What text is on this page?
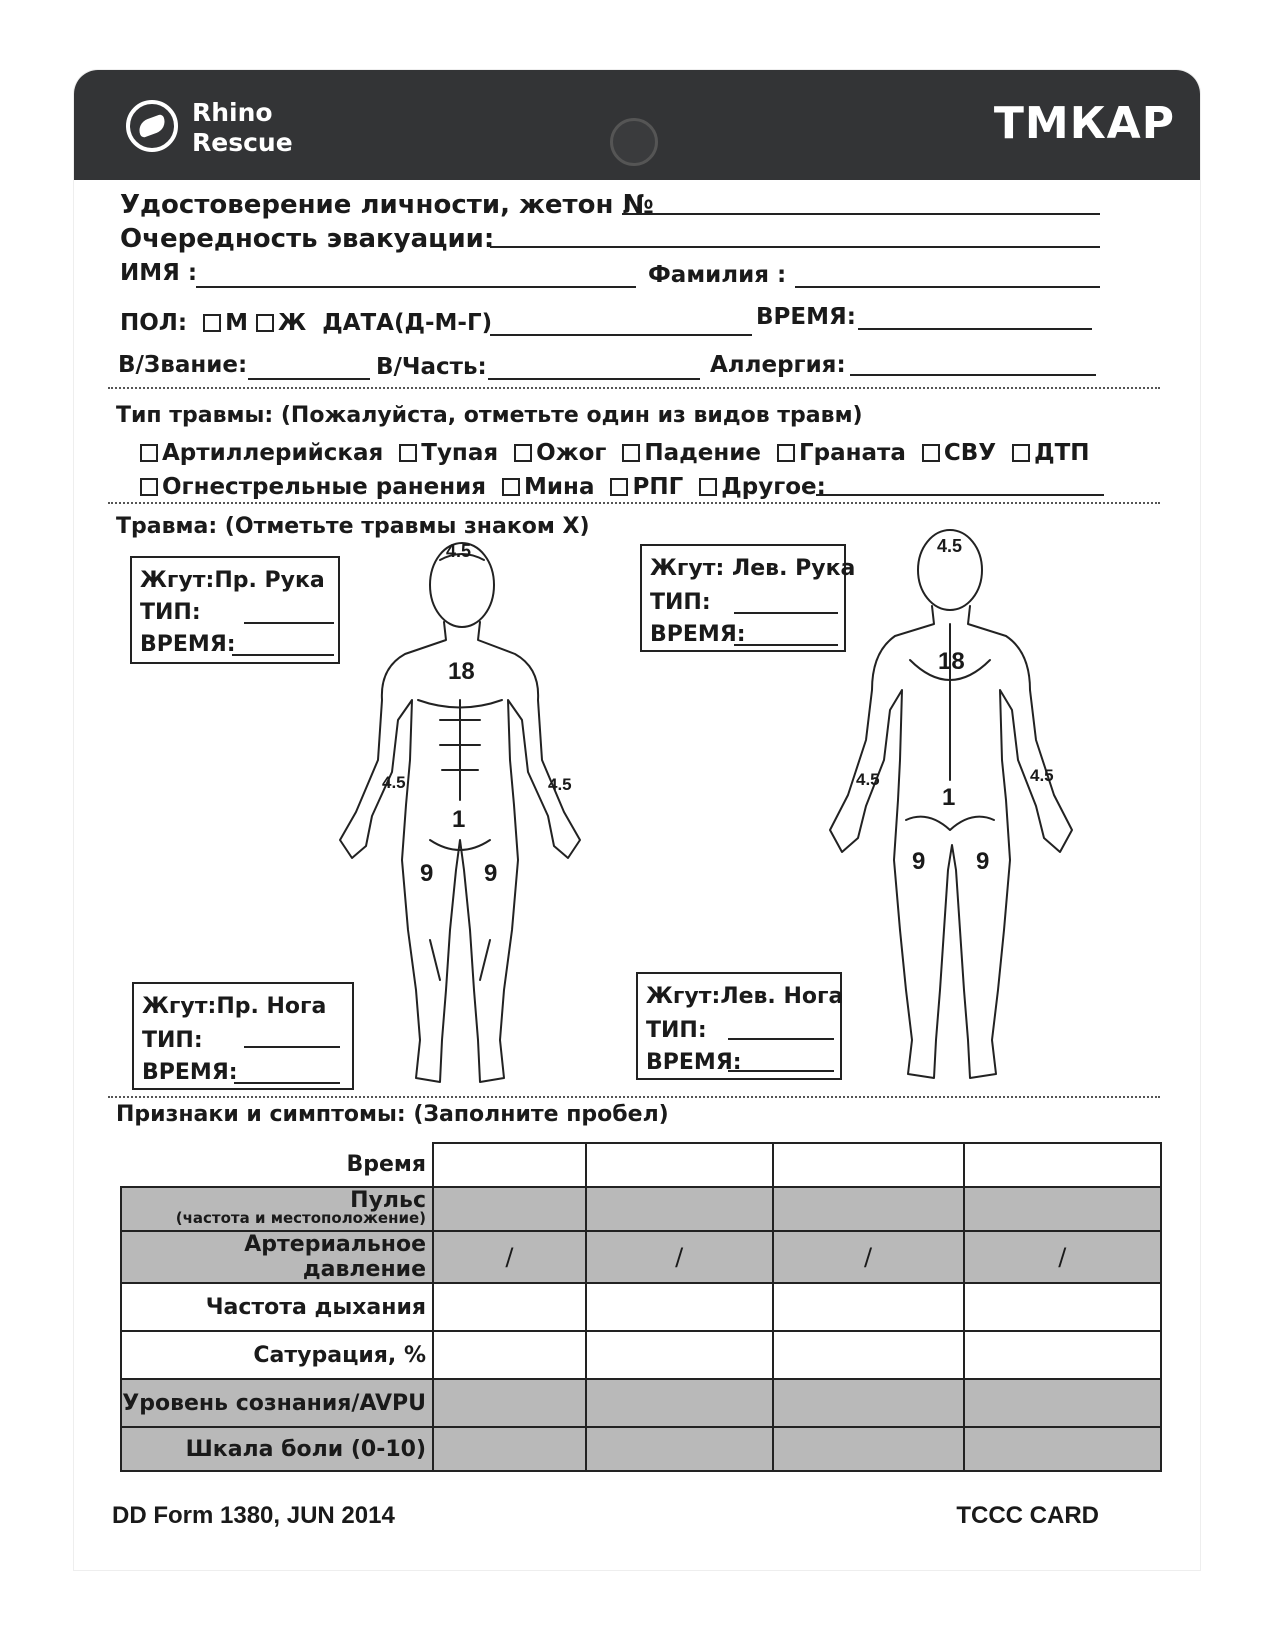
Rhino
Rescue	ТМКАР
Удостоверение личности, жетон №
Очередность эвакуации:
ИМЯ :	Фамилия :
ПОЛ: М Ж ДАТА(Д-М-Г)	ВРЕМЯ:
В/Звание:	В/Часть:	Аллергия:
Тип травмы: (Пожалуйста, отметьте один из видов травм)
Артиллерийская Тупая Ожог Падение Граната СВУ ДТП
Огнестрельные ранения Мина РПГ Другое:
Травма: (Отметьте травмы знаком X)
4.5
18
4.5	4.5
1
9 9
4.5
18
4.5	4.5
1
9 9
Жгут:Пр. Рука
ТИП:
ВРЕМЯ:
Жгут: Лев. Рука
ТИП:
ВРЕМЯ:
Жгут:Пр. Нога
ТИП:
ВРЕМЯ:
Жгут:Лев. Нога
ТИП:
ВРЕМЯ:
Признаки и симптомы: (Заполните пробел)
Время				
Пульс
(частота и местоположение)				

Артериальное давление	/	/	/	/
Частота дыхания				
Сатурация, %				
Уровень сознания/AVPU				
Шкала боли (0-10)				
DD Form 1380, JUN 2014	TCCC CARD
